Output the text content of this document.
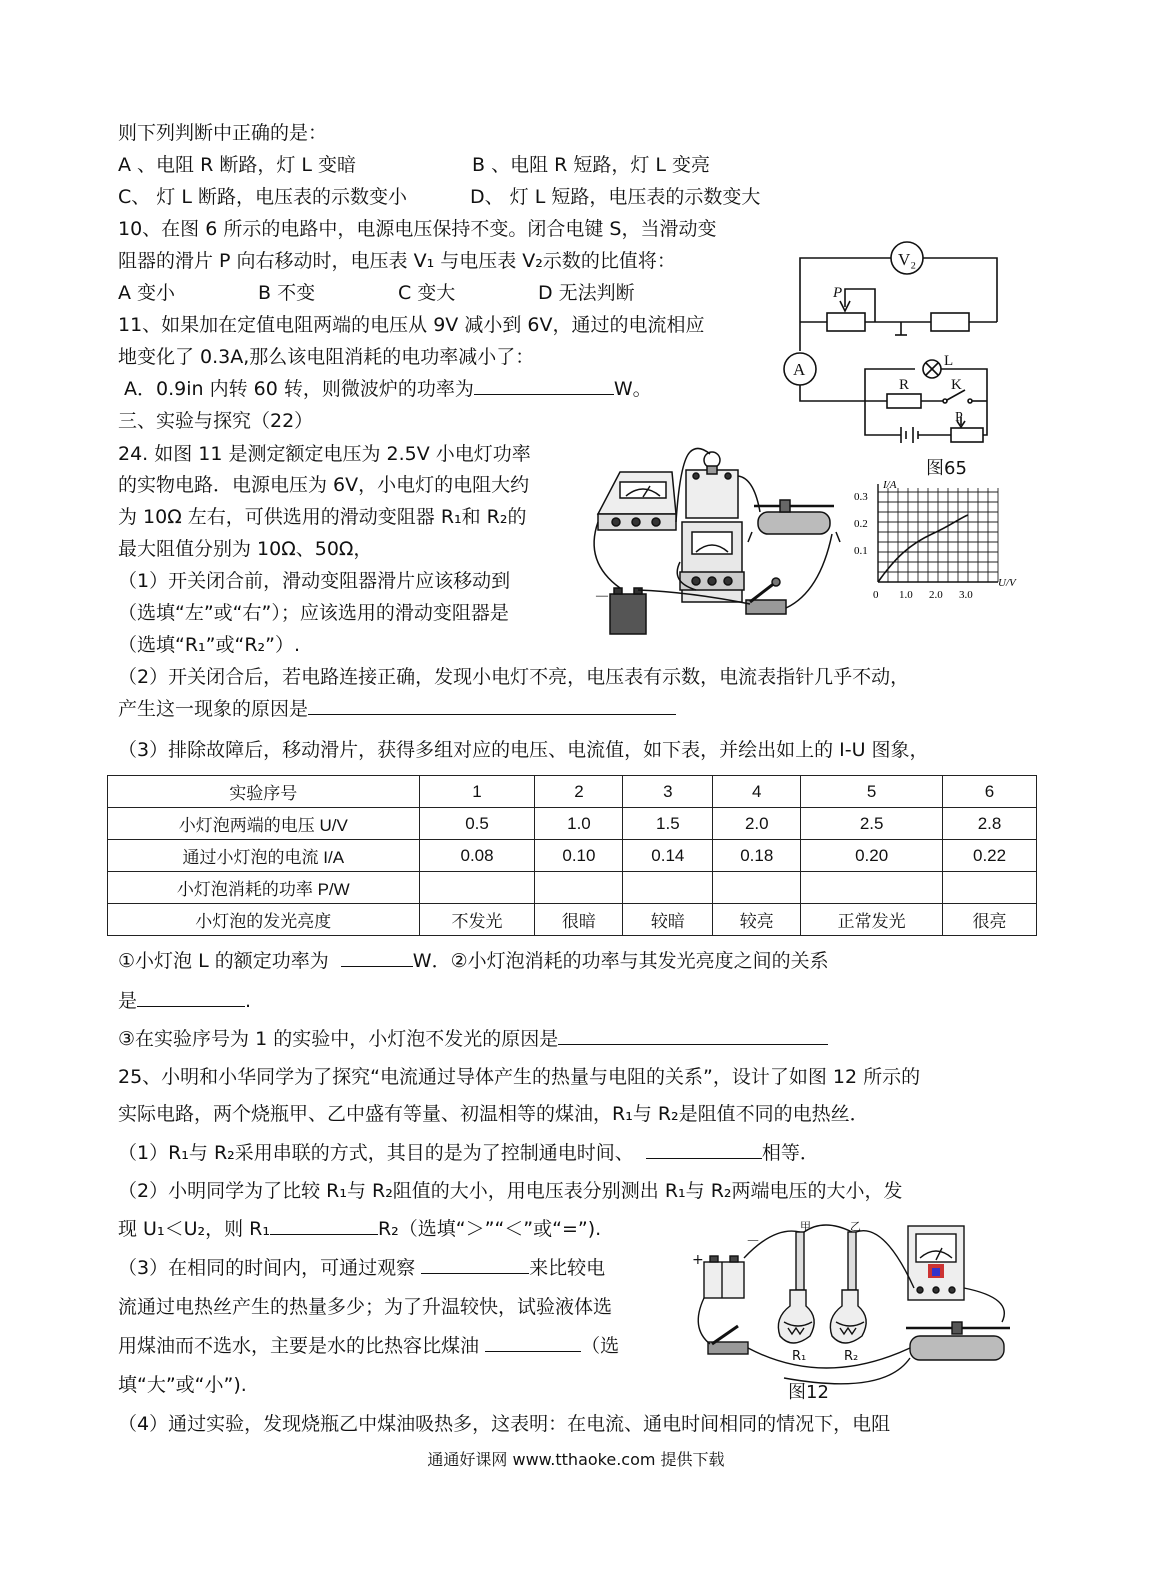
则下列判断中正确的是：
A 、电阻 R 断路，灯 L 变暗	B 、电阻 R 短路，灯 L 变亮
C、 灯 L 断路，电压表的示数变小	D、 灯 L 短路，电压表的示数变大
10、在图 6 所示的电路中，电源电压保持不变。闭合电键 S，当滑动变
阻器的滑片 P 向右移动时，电压表 V₁ 与电压表 V₂示数的比值将：
A 变小	B 不变	C 变大	D 无法判断
11、如果加在定值电阻两端的电压从 9V 减小到 6V，通过的电流相应
地变化了 0.3A,那么该电阻消耗的电功率减小了：
A．0.9in 内转 60 转，则微波炉的功率为	W。
三、实验与探究（22）
24. 如图 11 是测定额定电压为 2.5V 小电灯功率
的实物电路．电源电压为 6V，小电灯的电阻大约
为 10Ω 左右，可供选用的滑动变阻器 R₁和 R₂的
最大阻值分别为 10Ω、50Ω，
（1）开关闭合前，滑动变阻器滑片应该移动到
（选填“左”或“右”）；应该选用的滑动变阻器是
（选填“R₁”或“R₂”）.
（2）开关闭合后，若电路连接正确，发现小电灯不亮，电压表有示数，电流表指针几乎不动，
产生这一现象的原因是
（3）排除故障后，移动滑片，获得多组对应的电压、电流值，如下表，并绘出如上的 I-U 图象，
实验序号	1	2	3	4	5	6
小灯泡两端的电压 U/V	0.5	1.0	1.5	2.0	2.5	2.8
通过小灯泡的电流 I/A	0.08	0.10	0.14	0.18	0.20	0.22
小灯泡消耗的功率 P/W						
小灯泡的发光亮度	不发光	很暗	较暗	较亮	正常发光	很亮
①小灯泡 L 的额定功率为	W．②小灯泡消耗的功率与其发光亮度之间的关系
是	.
③在实验序号为 1 的实验中，小灯泡不发光的原因是
25、小明和小华同学为了探究“电流通过导体产生的热量与电阻的关系”，设计了如图 12 所示的
实际电路，两个烧瓶甲、乙中盛有等量、初温相等的煤油，R₁与 R₂是阻值不同的电热丝．
（1）R₁与 R₂采用串联的方式，其目的是为了控制通电时间、	相等．
（2）小明同学为了比较 R₁与 R₂阻值的大小，用电压表分别测出 R₁与 R₂两端电压的大小，发
现 U₁＜U₂，则 R₁	R₂（选填“＞”“＜”或“=”).
（3）在相同的时间内，可通过观察	来比较电
流通过电热丝产生的热量多少；为了升温较快，试验液体选
用煤油而不选水，主要是水的比热容比煤油	（选
填“大”或“小”).
（4）通过实验，发现烧瓶乙中煤油吸热多，这表明：在电流、通电时间相同的情况下，电阻
通通好课网 www.tthaoke.com 提供下载
V₂
P
A	L
R	K
P
图65
I/A
U/V
0.3
0.2
0.1
0 1.0 2.0 3.0
－
+
－
甲	乙
R₁	R₂
图12
